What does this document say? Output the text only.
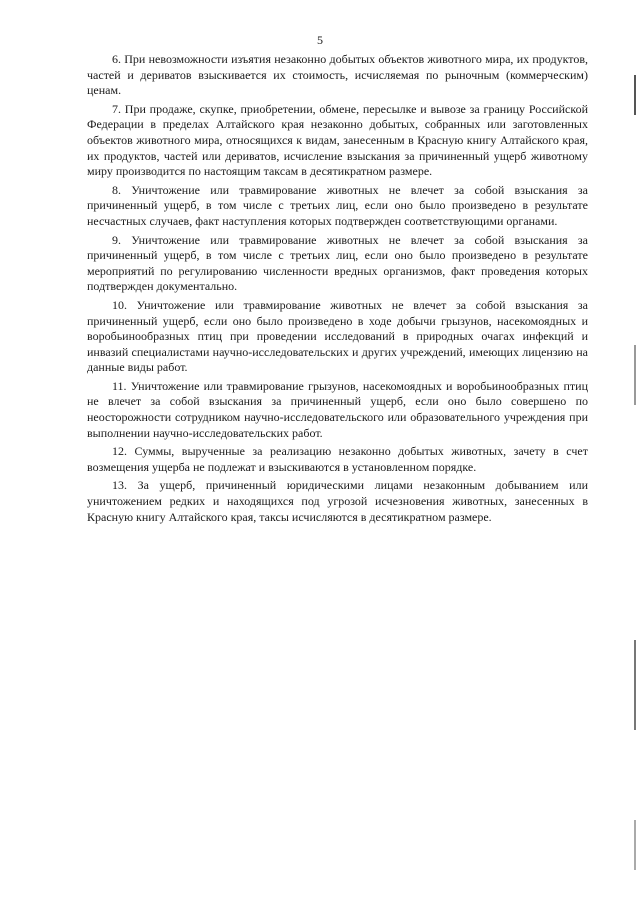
5

6. При невозможности изъятия незаконно добытых объектов животного мира, их продуктов, частей и дериватов взыскивается их стоимость, исчисляемая по рыночным (коммерческим) ценам.

7. При продаже, скупке, приобретении, обмене, пересылке и вывозе за границу Российской Федерации в пределах Алтайского края незаконно добытых, собранных или заготовленных объектов животного мира, относящихся к видам, занесенным в Красную книгу Алтайского края, их продуктов, частей или дериватов, исчисление взыскания за причиненный ущерб животному миру производится по настоящим таксам в десятикратном размере.

8. Уничтожение или травмирование животных не влечет за собой взыскания за причиненный ущерб, в том числе с третьих лиц, если оно было произведено в результате несчастных случаев, факт наступления которых подтвержден соответствующими органами.

9. Уничтожение или травмирование животных не влечет за собой взыскания за причиненный ущерб, в том числе с третьих лиц, если оно было произведено в результате мероприятий по регулированию численности вредных организмов, факт проведения которых подтвержден документально.

10. Уничтожение или травмирование животных не влечет за собой взыскания за причиненный ущерб, если оно было произведено в ходе добычи грызунов, насекомоядных и воробьинообразных птиц при проведении исследований в природных очагах инфекций и инвазий специалистами научно-исследовательских и других учреждений, имеющих лицензию на данные виды работ.

11. Уничтожение или травмирование грызунов, насекомоядных и воробьинообразных птиц не влечет за собой взыскания за причиненный ущерб, если оно было совершено по неосторожности сотрудником научно-исследовательского или образовательного учреждения при выполнении научно-исследовательских работ.

12. Суммы, вырученные за реализацию незаконно добытых животных, зачету в счет возмещения ущерба не подлежат и взыскиваются в установленном порядке.

13. За ущерб, причиненный юридическими лицами незаконным добыванием или уничтожением редких и находящихся под угрозой исчезновения животных, занесенных в Красную книгу Алтайского края, таксы исчисляются в десятикратном размере.
